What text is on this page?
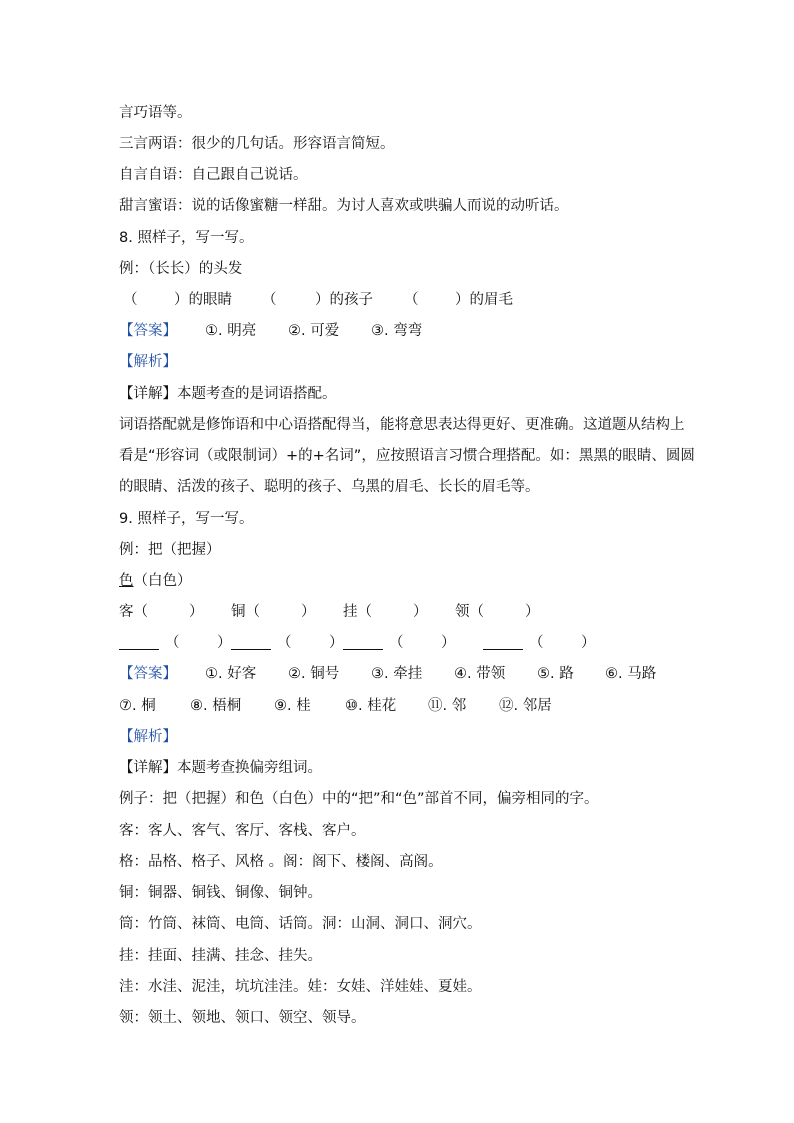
言巧语等。
三言两语：很少的几句话。形容语言简短。
自言自语：自己跟自己说话。
甜言蜜语：说的话像蜜糖一样甜。为讨人喜欢或哄骗人而说的动听话。
8. 照样子，写一写。
例：（长长）的头发
（	）的眼睛 （	）的孩子 （	）的眉毛
【答案】 ①. 明亮 ②. 可爱 ③. 弯弯
【解析】
【详解】本题考查的是词语搭配。
词语搭配就是修饰语和中心语搭配得当，能将意思表达得更好、更准确。这道题从结构上
看是“形容词（或限制词）+的+名词”，应按照语言习惯合理搭配。如：黑黑的眼睛、圆圆
的眼睛、活泼的孩子、聪明的孩子、乌黑的眉毛、长长的眉毛等。
9. 照样子，写一写。
例：把（把握）
色（白色）
客（	） 铜（	） 挂（	） 领（	）
（	）	（	）	（	）	（	）
【答案】 ①. 好客 ②. 铜号 ③. 牵挂 ④. 带领 ⑤. 路 ⑥. 马路
⑦. 桐 ⑧. 梧桐 ⑨. 桂 ⑩. 桂花 ⑪. 邻 ⑫. 邻居
【解析】
【详解】本题考查换偏旁组词。
例子：把（把握）和色（白色）中的“把”和“色”部首不同，偏旁相同的字。
客：客人、客气、客厅、客栈、客户。
格：品格、格子、风格 。阁：阁下、楼阁、高阁。
铜：铜器、铜钱、铜像、铜钟。
筒：竹筒、袜筒、电筒、话筒。洞：山洞、洞口、洞穴。
挂：挂面、挂满、挂念、挂失。
洼：水洼、泥洼，坑坑洼洼。娃：女娃、洋娃娃、夏娃。
领：领土、领地、领口、领空、领导。
